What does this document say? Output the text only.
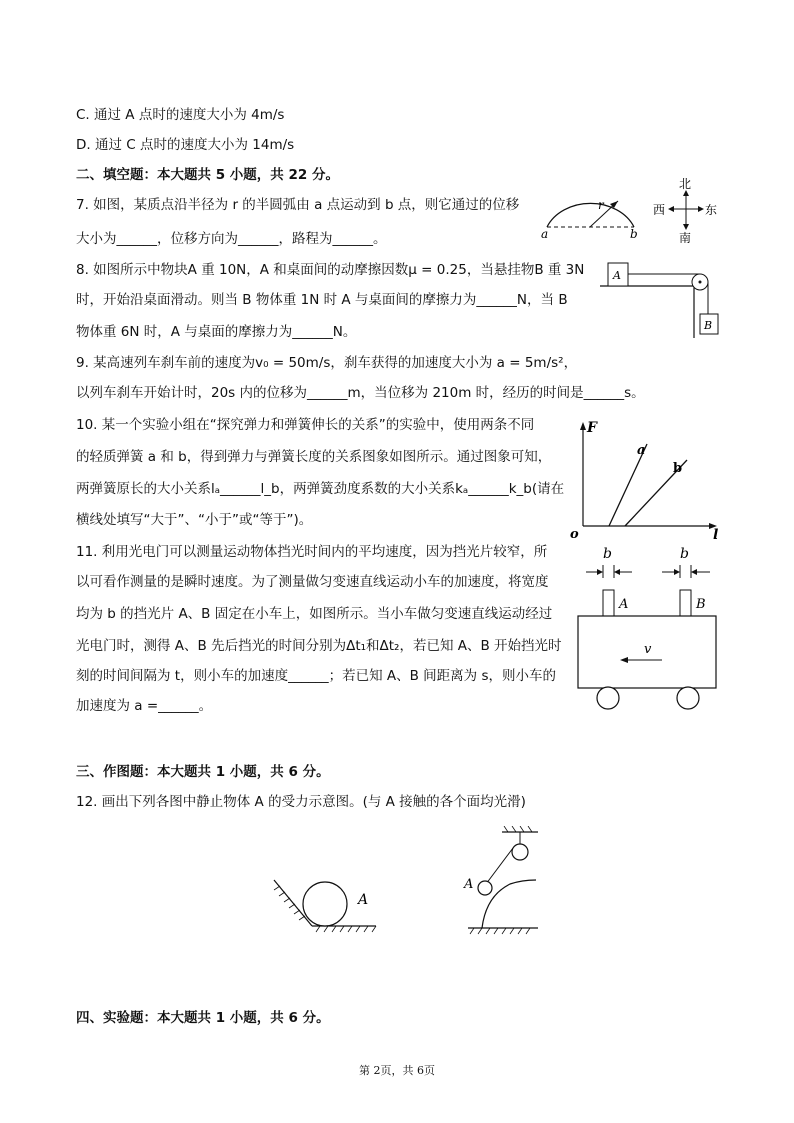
C. 通过 A 点时的速度大小为 4m/s
D. 通过 C 点时的速度大小为 14m/s
二、填空题：本大题共 5 小题，共 22 分。
7. 如图，某质点沿半径为 r 的半圆弧由 a 点运动到 b 点，则它通过的位移
大小为______，位移方向为______，路程为______。
8. 如图所示中物块A 重 10N，A 和桌面间的动摩擦因数μ = 0.25，当悬挂物B 重 3N
时，开始沿桌面滑动。则当 B 物体重 1N 时 A 与桌面间的摩擦力为______N，当 B
物体重 6N 时，A 与桌面的摩擦力为______N。
9. 某高速列车刹车前的速度为v₀ = 50m/s，刹车获得的加速度大小为 a = 5m/s²，
以列车刹车开始计时，20s 内的位移为______m，当位移为 210m 时，经历的时间是______s。
10. 某一个实验小组在“探究弹力和弹簧伸长的关系”的实验中，使用两条不同
的轻质弹簧 a 和 b，得到弹力与弹簧长度的关系图象如图所示。通过图象可知，
两弹簧原长的大小关系lₐ______l_b，两弹簧劲度系数的大小关系kₐ______k_b(请在
横线处填写“大于”、“小于”或“等于”)。
11. 利用光电门可以测量运动物体挡光时间内的平均速度，因为挡光片较窄，所
以可看作测量的是瞬时速度。为了测量做匀变速直线运动小车的加速度，将宽度
均为 b 的挡光片 A、B 固定在小车上，如图所示。当小车做匀变速直线运动经过
光电门时，测得 A、B 先后挡光的时间分别为Δt₁和Δt₂，若已知 A、B 开始挡光时
刻的时间间隔为 t，则小车的加速度______；若已知 A、B 间距离为 s，则小车的
加速度为 a =______。
三、作图题：本大题共 1 小题，共 6 分。
12. 画出下列各图中静止物体 A 的受力示意图。(与 A 接触的各个面均光滑)
四、实验题：本大题共 1 小题，共 6 分。
r
a	b
北
南
西	东
A
B
F
l
o
a
b
b	b
A	B
v
A
A
第 2页，共 6页
